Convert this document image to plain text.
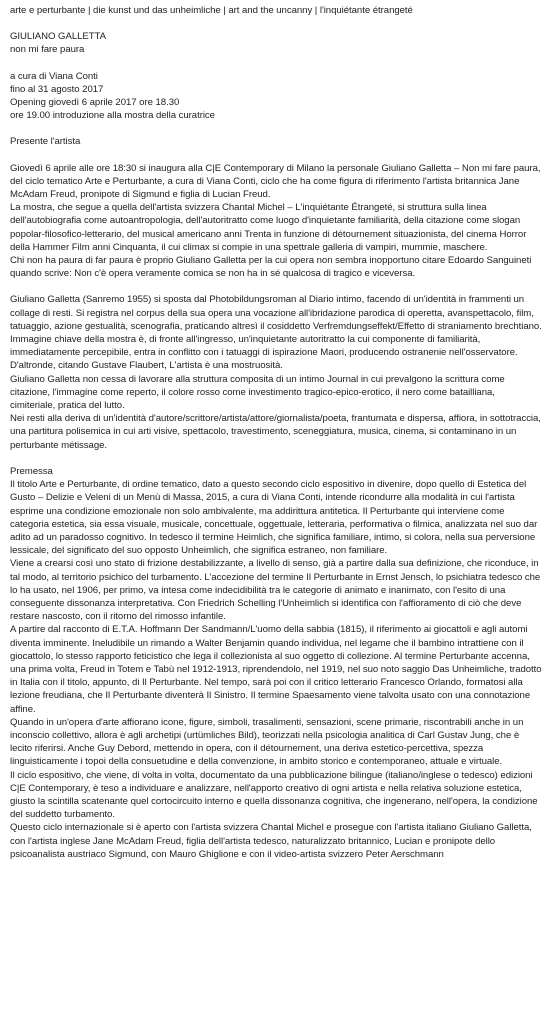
arte e perturbante | die kunst und das unheimliche | art and the uncanny | l'inquiétante étrangeté

GIULIANO GALLETTA

non mi fare paura

a cura di Viana Conti

fino al 31 agosto 2017

Opening giovedì 6 aprile 2017 ore 18.30

ore 19.00 introduzione alla mostra della curatrice

Presente l'artista

Giovedì 6 aprile alle ore 18:30 si inaugura alla C|E Contemporary di Milano la personale Giuliano Galletta – Non mi fare paura, del ciclo tematico Arte e Perturbante, a cura di Viana Conti, ciclo che ha come figura di riferimento l'artista britannica Jane McAdam Freud, pronipote di Sigmund e figlia di Lucian Freud.

La mostra, che segue a quella dell'artista svizzera Chantal Michel – L'inquiétante Étrangeté, si struttura sulla linea dell'autobiografia come autoantropologia, dell'autoritratto come luogo d'inquietante familiarità, della citazione come slogan popolar-filosofico-letterario, del musical americano anni Trenta in funzione di détournement situazionista, del cinema Horror della Hammer Film anni Cinquanta, il cui climax si compie in una spettrale galleria di vampiri, mummie, maschere.

Chi non ha paura di far paura è proprio Giuliano Galletta per la cui opera non sembra inopportuno citare Edoardo Sanguineti quando scrive: Non c'è opera veramente comica se non ha in sé qualcosa di tragico e viceversa.

Giuliano Galletta (Sanremo 1955) si sposta dal Photobildungsroman al Diario intimo, facendo di un'identità in frammenti un collage di resti. Si registra nel corpus della sua opera una vocazione all'ibridazione parodica di operetta, avanspettacolo, film, tatuaggio, azione gestualità, scenografia, praticando altresì il cosiddetto Verfremdungseffekt/Effetto di straniamento brechtiano.

Immagine chiave della mostra è, di fronte all'ingresso, un'inquietante autoritratto la cui componente di familiarità, immediatamente percepibile, entra in conflitto con i tatuaggi di ispirazione Maori, producendo ostranenie nell'osservatore.

D'altronde, citando Gustave Flaubert, L'artista è una mostruosità.

Giuliano Galletta non cessa di lavorare alla struttura composita di un intimo Journal in cui prevalgono la scrittura come citazione, l'immagine come reperto, il colore rosso come investimento tragico-epico-erotico, il nero come batailliana, cimiteriale, pratica del lutto.

Nei resti alla deriva di un'identità d'autore/scrittore/artista/attore/giornalista/poeta, frantumata e dispersa, affiora, in sottotraccia, una partitura polisemica in cui arti visive, spettacolo, travestimento, sceneggiatura, musica, cinema, si contaminano in un perturbante métissage.

Premessa

Il titolo Arte e Perturbante, di ordine tematico, dato a questo secondo ciclo espositivo in divenire, dopo quello di Estetica del Gusto – Delizie e Veleni di un Menù di Massa, 2015, a cura di Viana Conti, intende ricondurre alla modalità in cui l'artista esprime una condizione emozionale non solo ambivalente, ma addirittura antitetica. Il Perturbante qui interviene come categoria estetica, sia essa visuale, musicale, concettuale, oggettuale, letteraria, performativa o filmica, analizzata nel suo dar adito ad un paradosso cognitivo. In tedesco il termine Heimlich, che significa familiare, intimo, si colora, nella sua perversione lessicale, del significato del suo opposto Unheimlich, che significa estraneo, non familiare.

Viene a crearsi così uno stato di frizione destabilizzante, a livello di senso, già a partire dalla sua definizione, che riconduce, in tal modo, al territorio psichico del turbamento. L'accezione del termine Il Perturbante in Ernst Jensch, lo psichiatra tedesco che lo ha usato, nel 1906, per primo, va intesa come indecidibilità tra le categorie di animato e inanimato, con l'esito di una conseguente dissonanza interpretativa. Con Friedrich Schelling l'Unheimlich si identifica con l'affioramento di ciò che deve restare nascosto, con il ritorno del rimosso infantile.

A partire dal racconto di E.T.A. Hoffmann Der Sandmann/L'uomo della sabbia (1815), il riferimento ai giocattoli e agli automi diventa imminente. Ineludibile un rimando a Walter Benjamin quando individua, nel legame che il bambino intrattiene con il giocattolo, lo stesso rapporto feticistico che lega il collezionista al suo oggetto di collezione. Al termine Perturbante accenna, una prima volta, Freud in Totem e Tabù nel 1912-1913, riprendendolo, nel 1919, nel suo noto saggio Das Unheimliche, tradotto in Italia con il titolo, appunto, di Il Perturbante. Nel tempo, sarà poi con il critico letterario Francesco Orlando, formatosi alla lezione freudiana, che Il Perturbante diventerà Il Sinistro. Il termine Spaesamento viene talvolta usato con una connotazione affine.

Quando in un'opera d'arte affiorano icone, figure, simboli, trasalimenti, sensazioni, scene primarie, riscontrabili anche in un inconscio collettivo, allora è agli archetipi (urtümliches Bild), teorizzati nella psicologia analitica di Carl Gustav Jung, che è lecito riferirsi. Anche Guy Debord, mettendo in opera, con il détournement, una deriva estetico-percettiva, spezza linguisticamente i topoi della consuetudine e della convenzione, in ambito storico e contemporaneo, attuale e virtuale.

Il ciclo espositivo, che viene, di volta in volta, documentato da una pubblicazione bilingue (italiano/inglese o tedesco) edizioni C|E Contemporary, è teso a individuare e analizzare, nell'apporto creativo di ogni artista e nella relativa soluzione estetica, giusto la scintilla scatenante quel cortocircuito interno e quella dissonanza cognitiva, che ingenerano, nell'opera, la condizione del suddetto turbamento.

Questo ciclo internazionale si è aperto con l'artista svizzera Chantal Michel e prosegue con l'artista italiano Giuliano Galletta, con l'artista inglese Jane McAdam Freud, figlia dell'artista tedesco, naturalizzato britannico, Lucian e pronipote dello psicoanalista austriaco Sigmund, con Mauro Ghiglione e con il video-artista svizzero Peter Aerschmann
